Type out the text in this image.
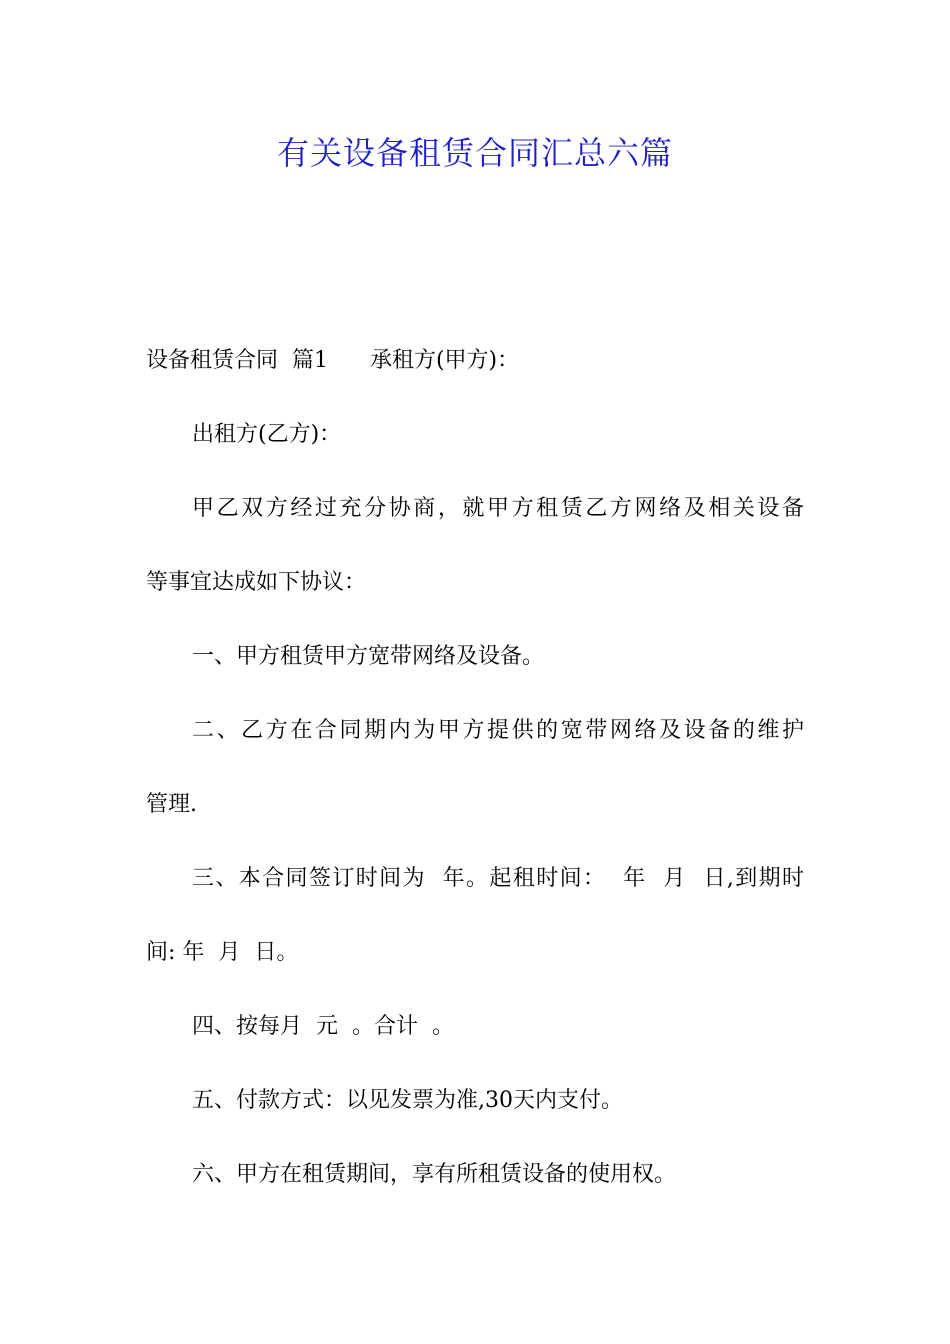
有关设备租赁合同汇总六篇

设备租赁合同  篇1      承租方(甲方)：

出租方(乙方)：

甲乙双方经过充分协商，就甲方租赁乙方网络及相关设备

等事宜达成如下协议：

一、甲方租赁甲方宽带网络及设备。

二、乙方在合同期内为甲方提供的宽带网络及设备的维护

管理.

三、本合同签订时间为  年。起租时间：  年  月  日,到期时

间: 年  月  日。

四、按每月  元  。合计  。

五、付款方式：以见发票为准,30天内支付。

六、甲方在租赁期间，享有所租赁设备的使用权。
